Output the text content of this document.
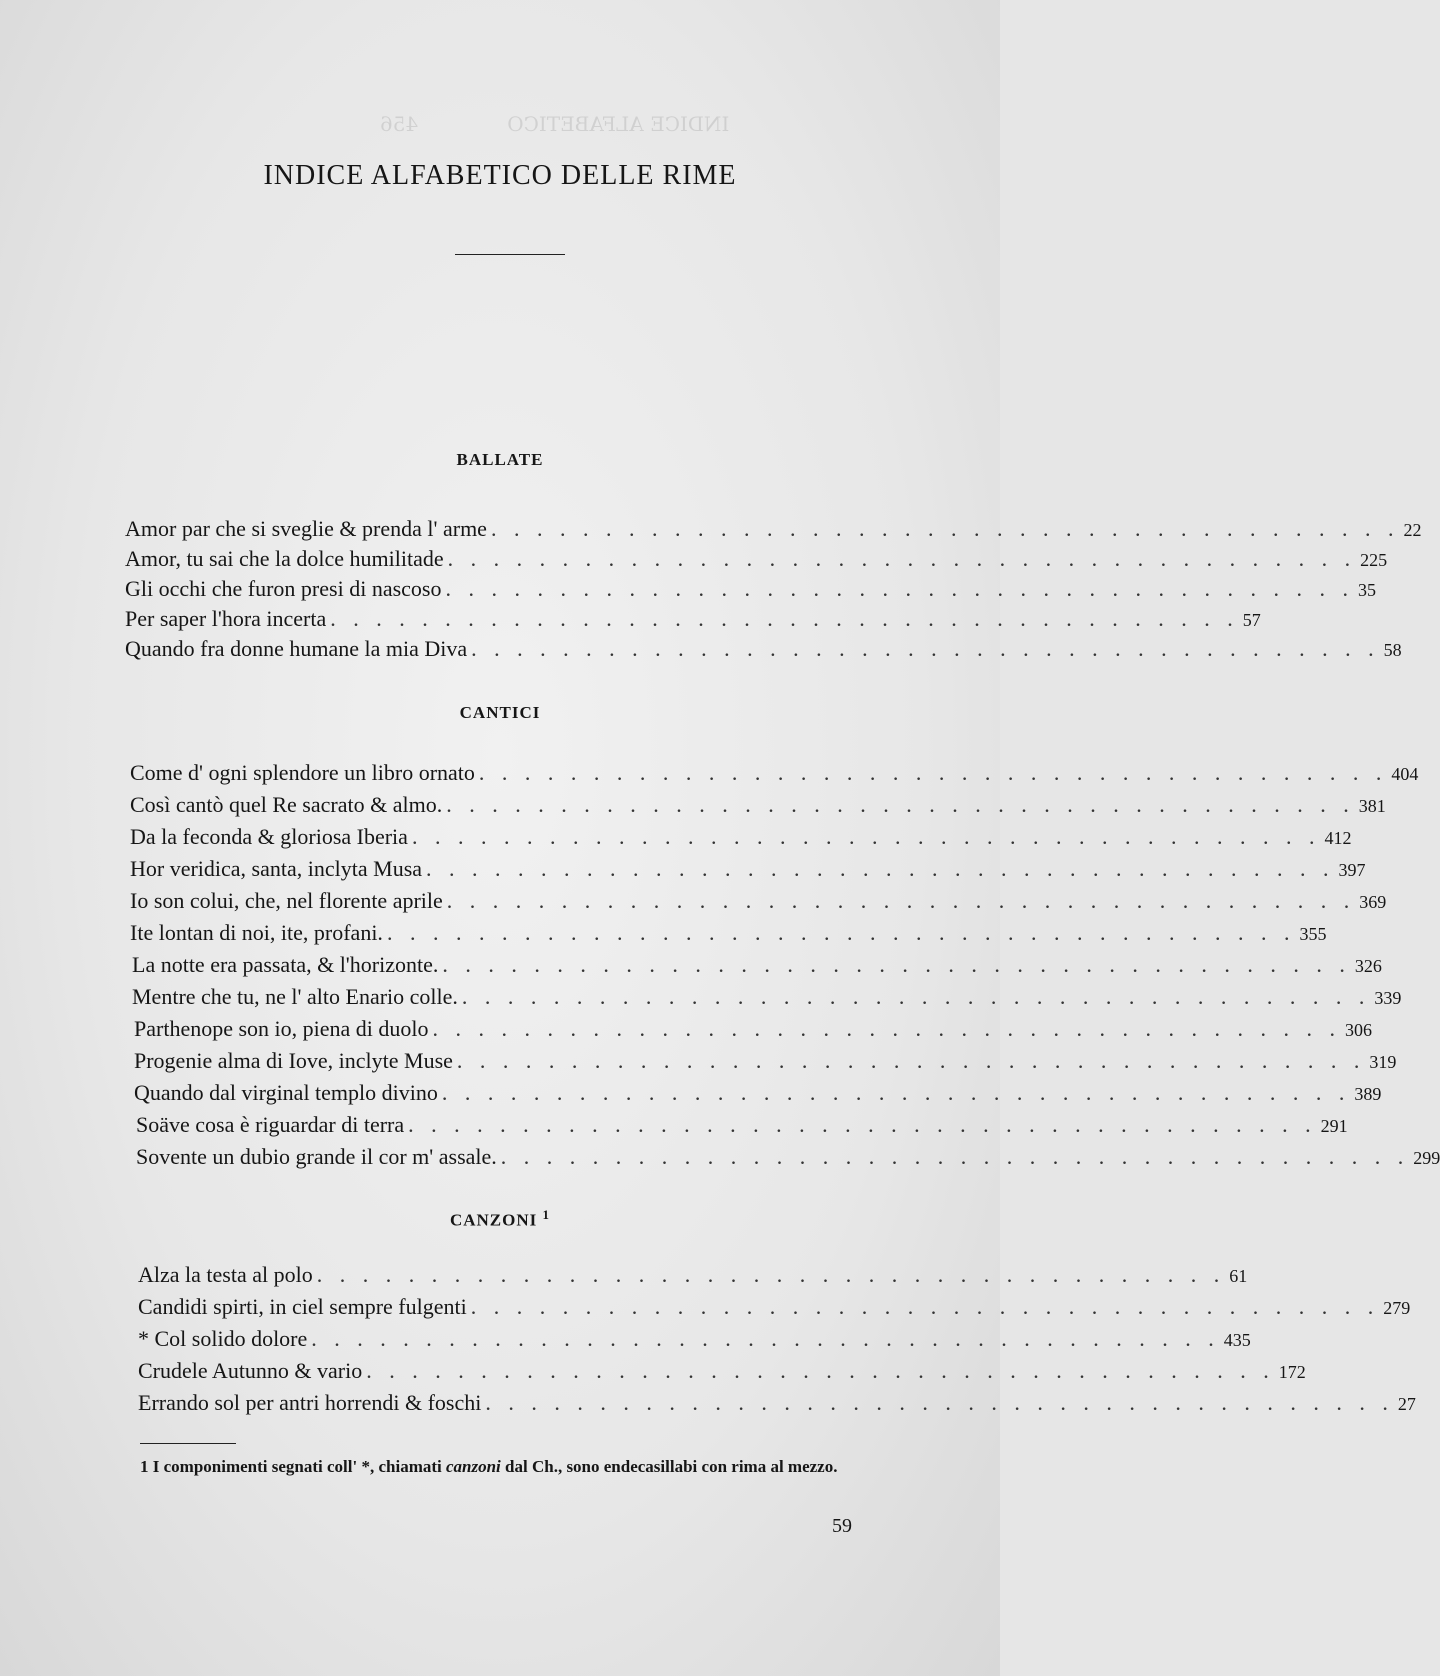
INDICE ALFABETICO              456
INDICE ALFABETICO DELLE RIME
BALLATE
Amor par che si sveglie & prenda l' arme . . . . . . . . . . . . . . . . . . . . . . . . . . . . . . . . . . . . . . . . 22
Amor, tu sai che la dolce humilitade . . . . . . . . . . . . . . . . . . . . . . . . . . . . . . . . . . . . . . . . 225
Gli occhi che furon presi di nascoso . . . . . . . . . . . . . . . . . . . . . . . . . . . . . . . . . . . . . . . . 35
Per saper l'hora incerta . . . . . . . . . . . . . . . . . . . . . . . . . . . . . . . . . . . . . . . . 57
Quando fra donne humane la mia Diva . . . . . . . . . . . . . . . . . . . . . . . . . . . . . . . . . . . . . . . . 58
CANTICI
Come d' ogni splendore un libro ornato . . . . . . . . . . . . . . . . . . . . . . . . . . . . . . . . . . . . . . . . 404
Così cantò quel Re sacrato & almo. . . . . . . . . . . . . . . . . . . . . . . . . . . . . . . . . . . . . . . . . 381
Da la feconda & gloriosa Iberia . . . . . . . . . . . . . . . . . . . . . . . . . . . . . . . . . . . . . . . . 412
Hor veridica, santa, inclyta Musa . . . . . . . . . . . . . . . . . . . . . . . . . . . . . . . . . . . . . . . . 397
Io son colui, che, nel florente aprile . . . . . . . . . . . . . . . . . . . . . . . . . . . . . . . . . . . . . . . . 369
Ite lontan di noi, ite, profani. . . . . . . . . . . . . . . . . . . . . . . . . . . . . . . . . . . . . . . . . 355
La notte era passata, & l'horizonte. . . . . . . . . . . . . . . . . . . . . . . . . . . . . . . . . . . . . . . . . 326
Mentre che tu, ne l' alto Enario colle. . . . . . . . . . . . . . . . . . . . . . . . . . . . . . . . . . . . . . . . . 339
Parthenope son io, piena di duolo . . . . . . . . . . . . . . . . . . . . . . . . . . . . . . . . . . . . . . . . 306
Progenie alma di Iove, inclyte Muse . . . . . . . . . . . . . . . . . . . . . . . . . . . . . . . . . . . . . . . . 319
Quando dal virginal templo divino . . . . . . . . . . . . . . . . . . . . . . . . . . . . . . . . . . . . . . . . 389
Soäve cosa è riguardar di terra . . . . . . . . . . . . . . . . . . . . . . . . . . . . . . . . . . . . . . . . 291
Sovente un dubio grande il cor m' assale. . . . . . . . . . . . . . . . . . . . . . . . . . . . . . . . . . . . . . . . . 299
CANZONI $^1$
Alza la testa al polo . . . . . . . . . . . . . . . . . . . . . . . . . . . . . . . . . . . . . . . . 61
Candidi spirti, in ciel sempre fulgenti . . . . . . . . . . . . . . . . . . . . . . . . . . . . . . . . . . . . . . . . 279
* Col solido dolore . . . . . . . . . . . . . . . . . . . . . . . . . . . . . . . . . . . . . . . . 435
Crudele Autunno & vario . . . . . . . . . . . . . . . . . . . . . . . . . . . . . . . . . . . . . . . . 172
Errando sol per antri horrendi & foschi . . . . . . . . . . . . . . . . . . . . . . . . . . . . . . . . . . . . . . . . 27
1 I componimenti segnati coll' *, chiamati canzoni dal Ch., sono endecasillabi con rima al mezzo.
59
